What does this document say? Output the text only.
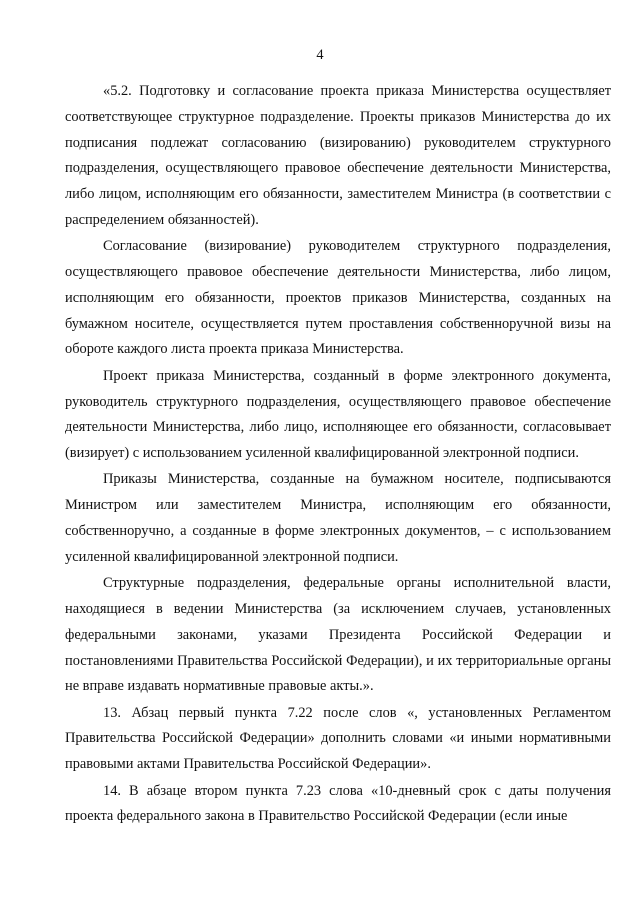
4

«5.2. Подготовку и согласование проекта приказа Министерства осуществляет соответствующее структурное подразделение. Проекты приказов Министерства до их подписания подлежат согласованию (визированию) руководителем структурного подразделения, осуществляющего правовое обеспечение деятельности Министерства, либо лицом, исполняющим его обязанности, заместителем Министра (в соответствии с распределением обязанностей).

Согласование (визирование) руководителем структурного подразделения, осуществляющего правовое обеспечение деятельности Министерства, либо лицом, исполняющим его обязанности, проектов приказов Министерства, созданных на бумажном носителе, осуществляется путем проставления собственноручной визы на обороте каждого листа проекта приказа Министерства.

Проект приказа Министерства, созданный в форме электронного документа, руководитель структурного подразделения, осуществляющего правовое обеспечение деятельности Министерства, либо лицо, исполняющее его обязанности, согласовывает (визирует) с использованием усиленной квалифицированной электронной подписи.

Приказы Министерства, созданные на бумажном носителе, подписываются Министром или заместителем Министра, исполняющим его обязанности, собственноручно, а созданные в форме электронных документов, – с использованием усиленной квалифицированной электронной подписи.

Структурные подразделения, федеральные органы исполнительной власти, находящиеся в ведении Министерства (за исключением случаев, установленных федеральными законами, указами Президента Российской Федерации и постановлениями Правительства Российской Федерации), и их территориальные органы не вправе издавать нормативные правовые акты.».

13. Абзац первый пункта 7.22 после слов «, установленных Регламентом Правительства Российской Федерации» дополнить словами «и иными нормативными правовыми актами Правительства Российской Федерации».

14. В абзаце втором пункта 7.23 слова «10-дневный срок с даты получения проекта федерального закона в Правительство Российской Федерации (если иные
